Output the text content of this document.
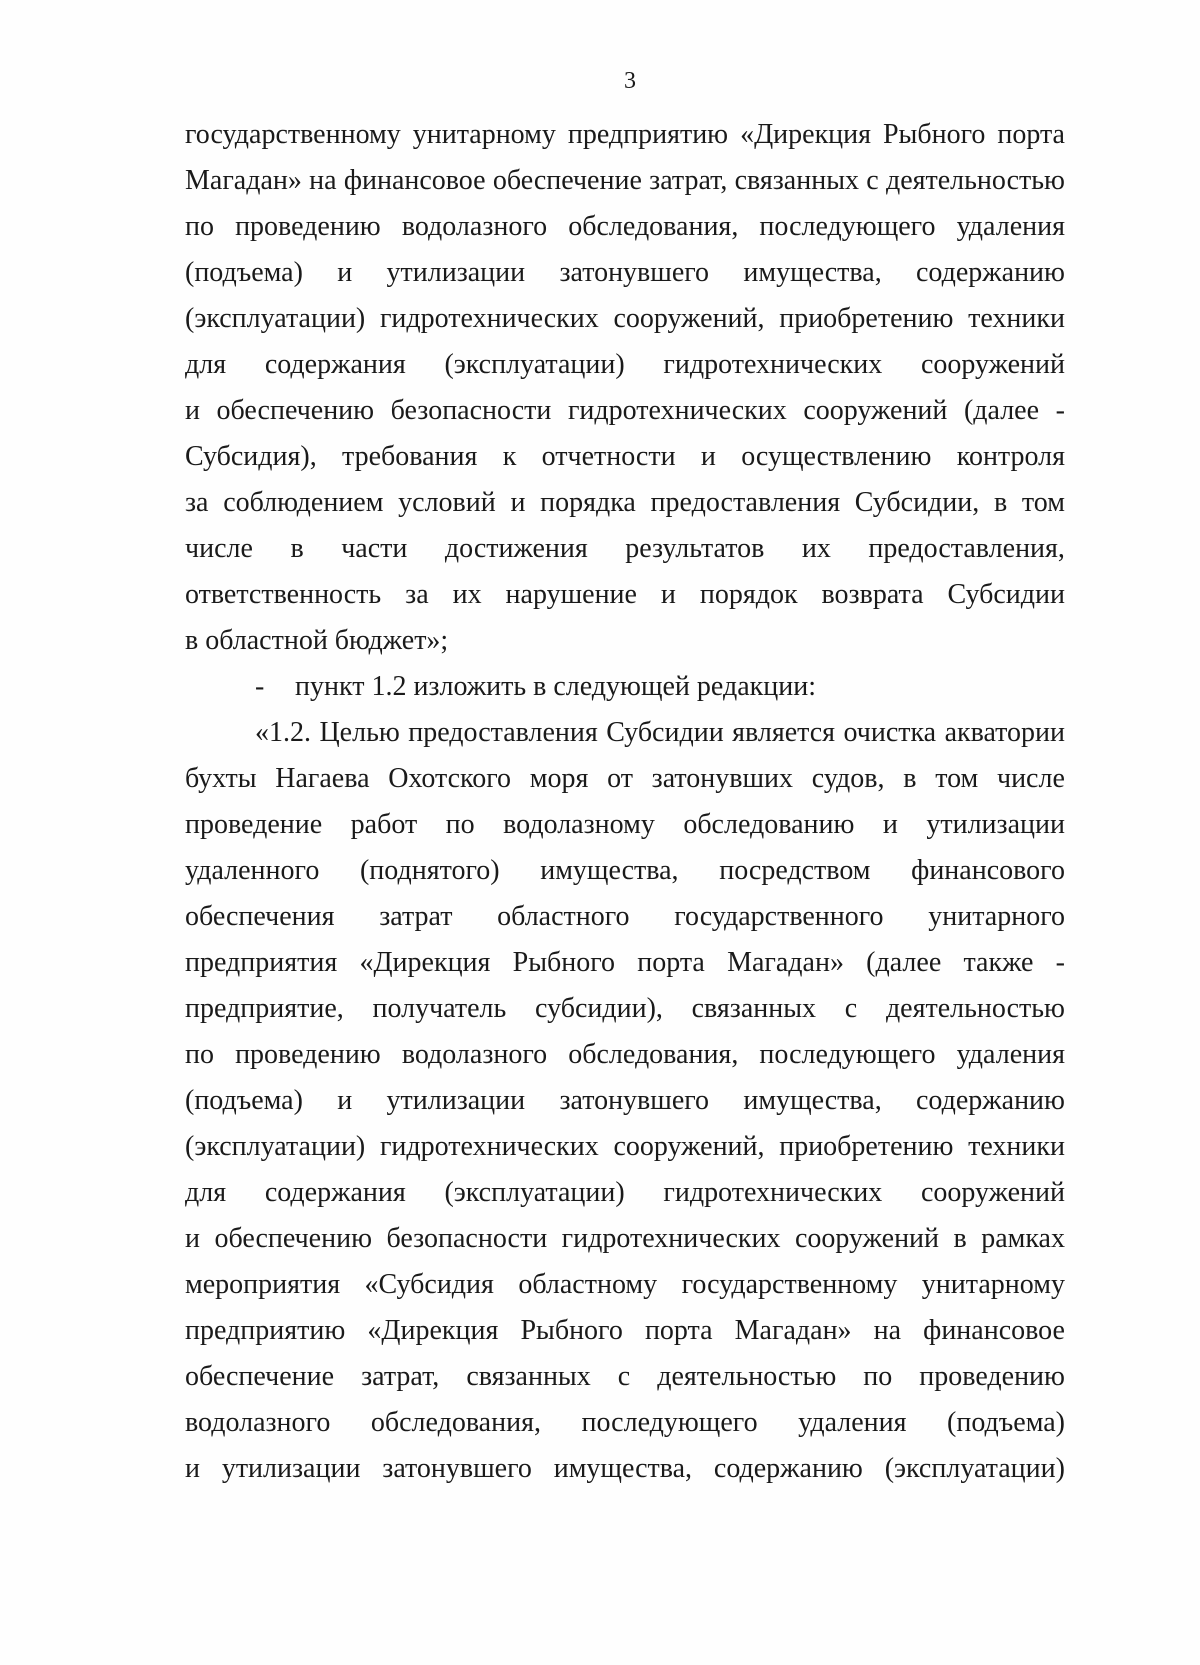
3
государственному унитарному предприятию «Дирекция Рыбного порта
Магадан» на финансовое обеспечение затрат, связанных с деятельностью
по проведению водолазного обследования, последующего удаления
(подъема) и утилизации затонувшего имущества, содержанию
(эксплуатации) гидротехнических сооружений, приобретению техники
для содержания (эксплуатации) гидротехнических сооружений
и обеспечению безопасности гидротехнических сооружений (далее -
Субсидия), требования к отчетности и осуществлению контроля
за соблюдением условий и порядка предоставления Субсидии, в том
числе в части достижения результатов их предоставления,
ответственность за их нарушение и порядок возврата Субсидии
в областной бюджет»;
- пункт 1.2 изложить в следующей редакции:
«1.2. Целью предоставления Субсидии является очистка акватории
бухты Нагаева Охотского моря от затонувших судов, в том числе
проведение работ по водолазному обследованию и утилизации
удаленного (поднятого) имущества, посредством финансового
обеспечения затрат областного государственного унитарного
предприятия «Дирекция Рыбного порта Магадан» (далее также -
предприятие, получатель субсидии), связанных с деятельностью
по проведению водолазного обследования, последующего удаления
(подъема) и утилизации затонувшего имущества, содержанию
(эксплуатации) гидротехнических сооружений, приобретению техники
для содержания (эксплуатации) гидротехнических сооружений
и обеспечению безопасности гидротехнических сооружений в рамках
мероприятия «Субсидия областному государственному унитарному
предприятию «Дирекция Рыбного порта Магадан» на финансовое
обеспечение затрат, связанных с деятельностью по проведению
водолазного обследования, последующего удаления (подъема)
и утилизации затонувшего имущества, содержанию (эксплуатации)
